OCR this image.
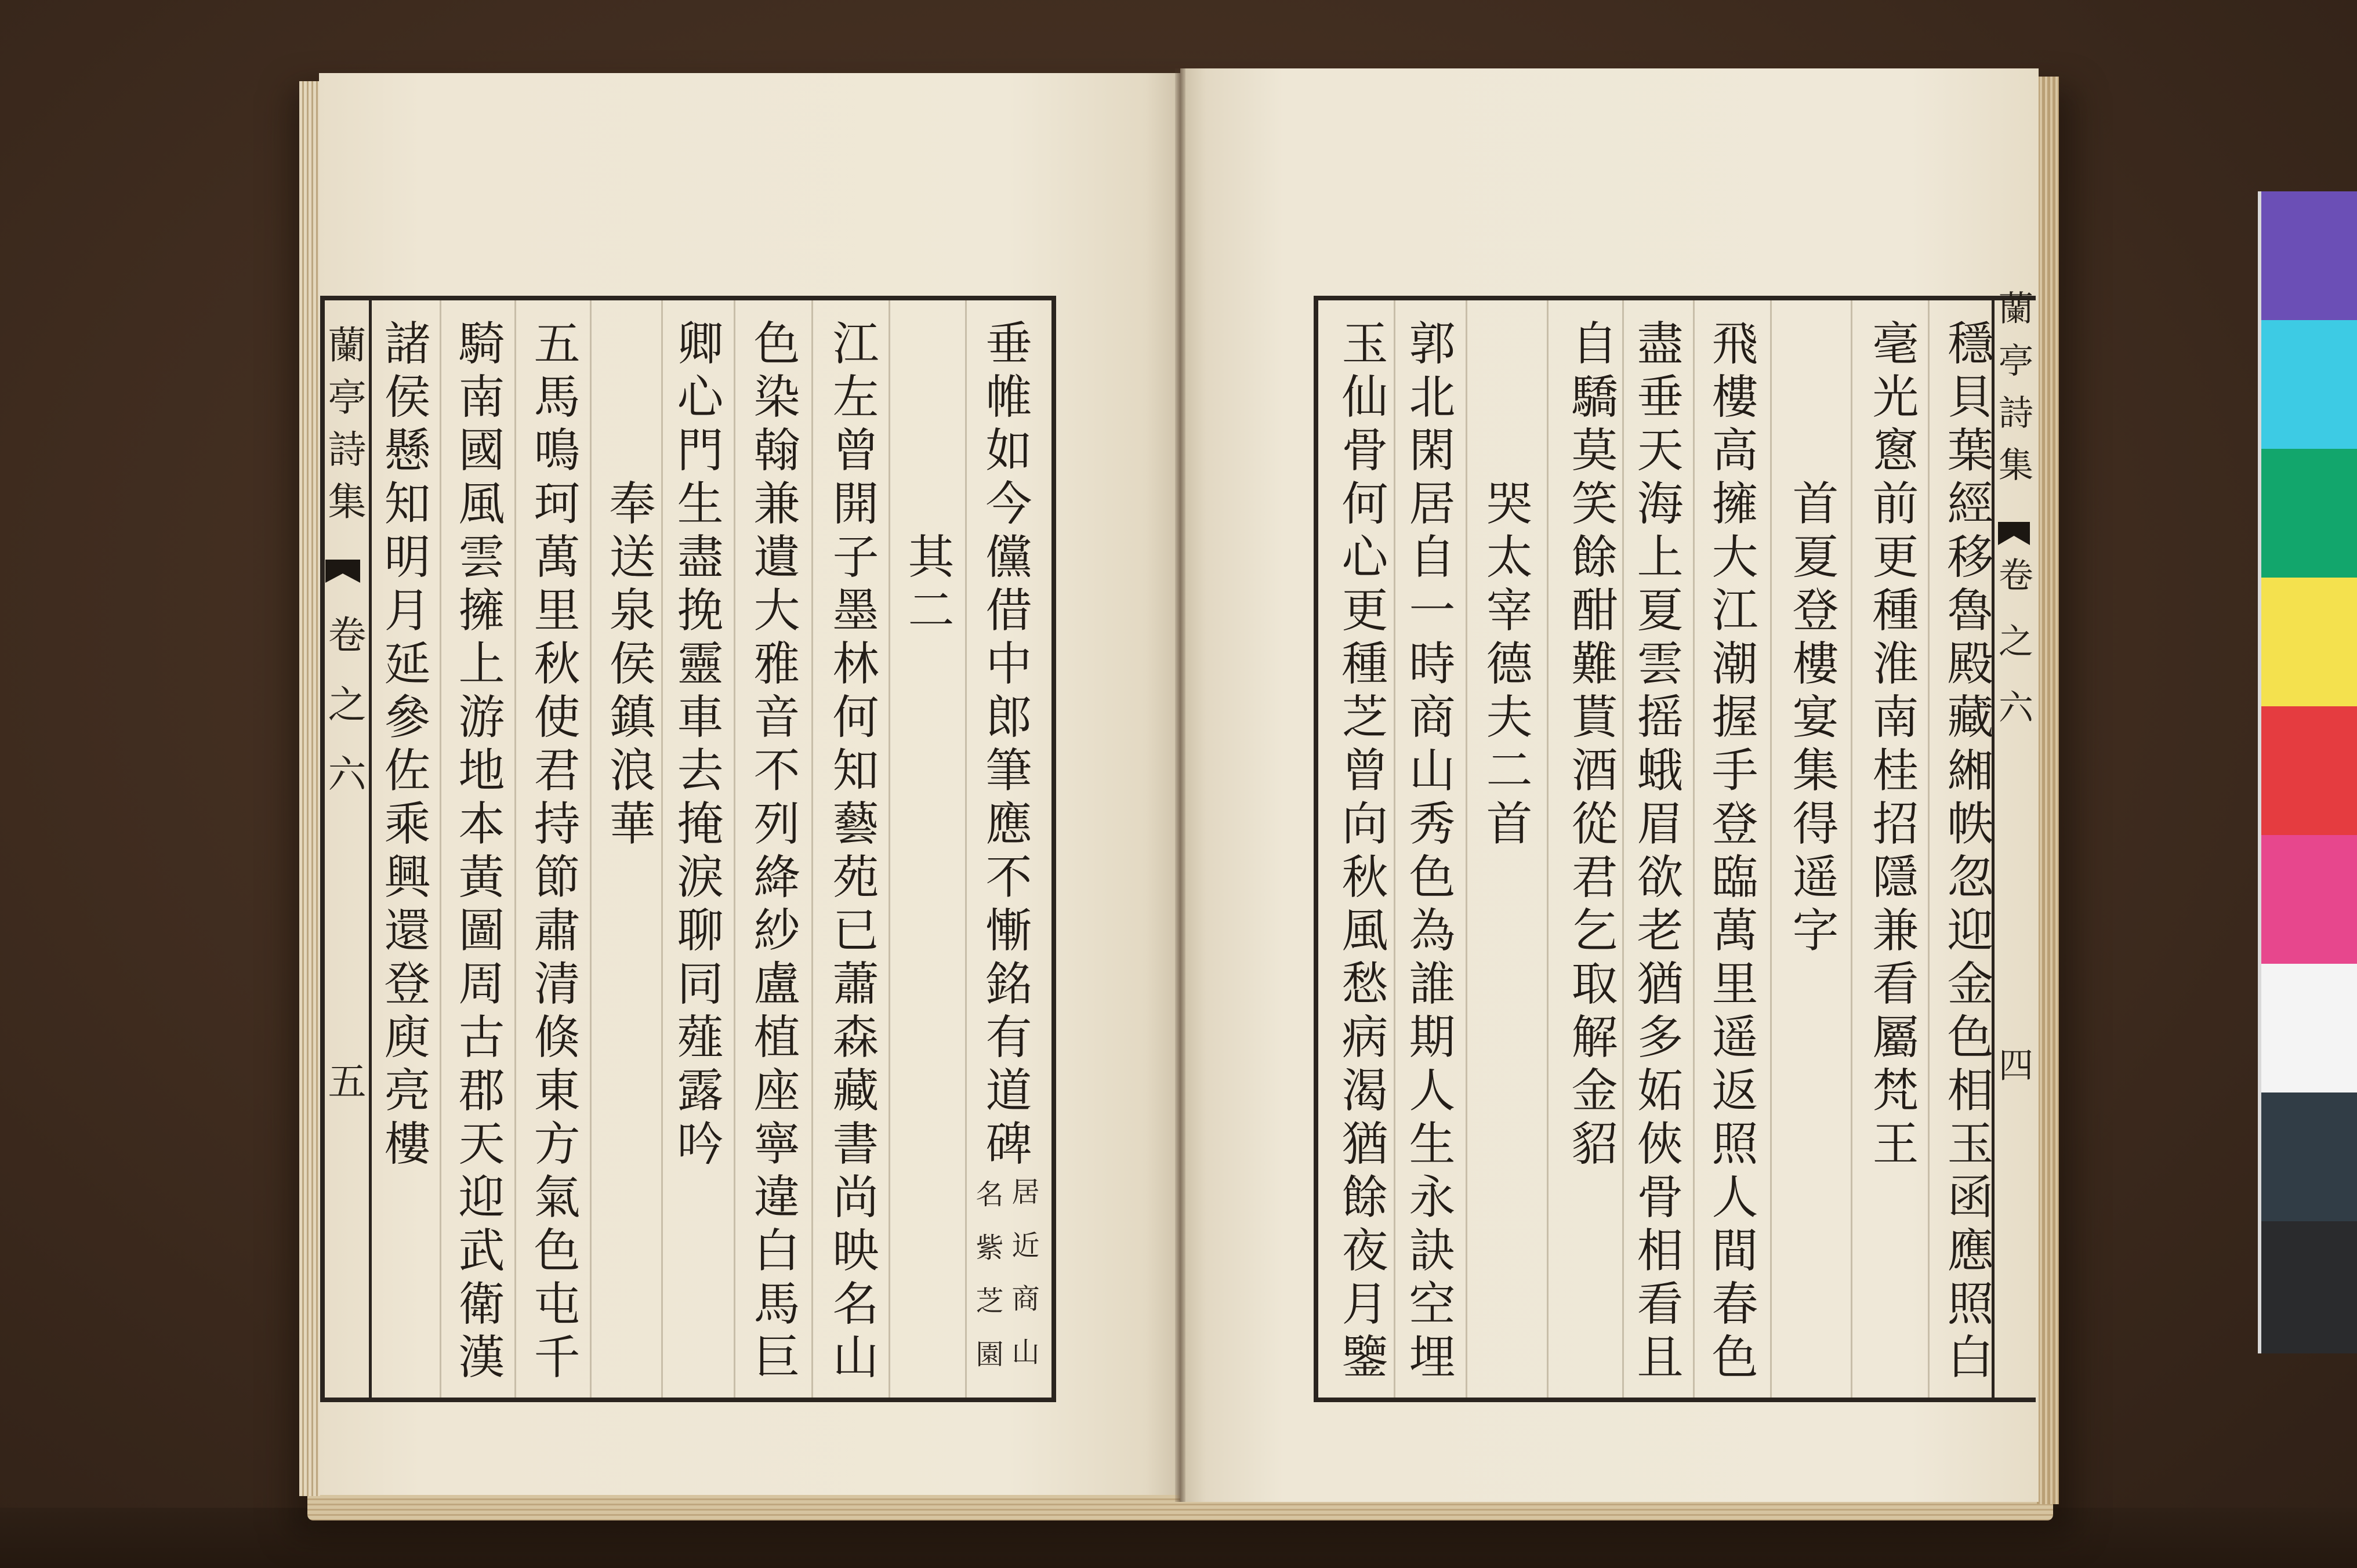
蘭亭詩集
卷之六
五	垂帷如今儻借中郎筆應不慚銘有道碑
居近商山
名紫芝園
其二
江左曾開子墨林何知藝苑已蕭森藏書尚映名山
色染翰兼遺大雅音不列絳紗盧植座寧違白馬巨
卿心門生盡挽靈車去掩淚聊同薤露吟
奉送泉侯鎮浪華
五馬鳴珂萬里秋使君持節肅清倏東方氣色屯千
騎南國風雲擁上游地本黃圖周古郡天迎武衛漢
諸侯懸知明月延參佐乘興還登庾亮樓	蘭亭詩集
卷之六
四
穩貝葉經移魯殿藏緗帙忽迎金色相玉函應照白
毫光窻前更種淮南桂招隱兼看屬梵王
首夏登樓宴集得遥字
飛樓高擁大江潮握手登臨萬里遥返照人間春色
盡垂天海上夏雲摇蛾眉欲老猶多妬俠骨相看且
自驕莫笑餘酣難貰酒從君乞取解金貂
哭太宰德夫二首
郭北閑居自一時商山秀色為誰期人生永訣空埋
玉仙骨何心更種芝曾向秋風愁病渴猶餘夜月鑒
